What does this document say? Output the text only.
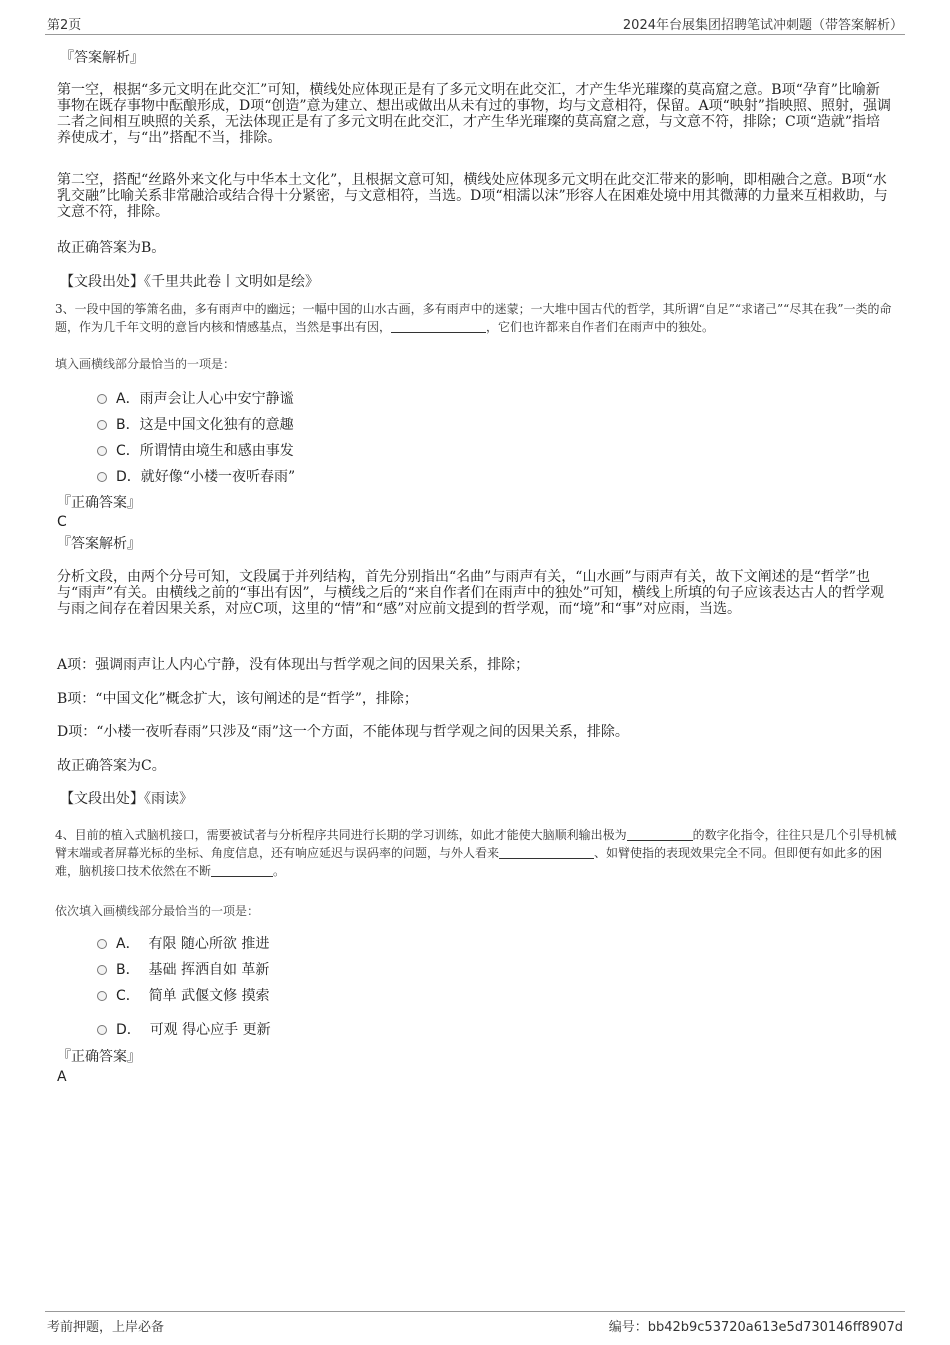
第2页	2024年台展集团招聘笔试冲刺题（带答案解析）
『答案解析』
第一空，根据“多元文明在此交汇”可知，横线处应体现正是有了多元文明在此交汇，才产生华光璀璨的莫高窟之意。B项“孕育”比喻新事物在既存事物中酝酿形成，D项“创造”意为建立、想出或做出从未有过的事物，均与文意相符，保留。A项“映射”指映照、照射，强调二者之间相互映照的关系，无法体现正是有了多元文明在此交汇，才产生华光璀璨的莫高窟之意，与文意不符，排除；C项“造就”指培养使成才，与“出”搭配不当，排除。
第二空，搭配“丝路外来文化与中华本土文化”，且根据文意可知，横线处应体现多元文明在此交汇带来的影响，即相融合之意。B项“水乳交融”比喻关系非常融洽或结合得十分紧密，与文意相符，当选。D项“相濡以沫”形容人在困难处境中用其微薄的力量来互相救助，与文意不符，排除。
故正确答案为B。
【文段出处】《千里共此卷丨文明如是绘》
3、一段中国的筝箫名曲，多有雨声中的幽远；一幅中国的山水古画，多有雨声中的迷蒙；一大堆中国古代的哲学，其所谓“自足”“求诸己”“尽其在我”一类的命题，作为几千年文明的意旨内核和情感基点，当然是事出有因，	，它们也许都来自作者们在雨声中的独处。
填入画横线部分最恰当的一项是：
A．雨声会让人心中安宁静谧
B．这是中国文化独有的意趣
C．所谓情由境生和感由事发
D．就好像“小楼一夜听春雨”
『正确答案』
C
『答案解析』
分析文段，由两个分号可知，文段属于并列结构，首先分别指出“名曲”与雨声有关，“山水画”与雨声有关，故下文阐述的是“哲学”也与“雨声”有关。由横线之前的“事出有因”，与横线之后的“来自作者们在雨声中的独处”可知，横线上所填的句子应该表达古人的哲学观与雨之间存在着因果关系，对应C项，这里的“情”和“感”对应前文提到的哲学观，而“境”和“事”对应雨，当选。
A项：强调雨声让人内心宁静，没有体现出与哲学观之间的因果关系，排除；
B项：“中国文化”概念扩大，该句阐述的是“哲学”，排除；
D项：“小楼一夜听春雨”只涉及“雨”这一个方面，不能体现与哲学观之间的因果关系，排除。
故正确答案为C。
【文段出处】《雨读》
4、目前的植入式脑机接口，需要被试者与分析程序共同进行长期的学习训练，如此才能使大脑顺利输出极为	的数字化指令，往往只是几个引导机械臂末端或者屏幕光标的坐标、角度信息，还有响应延迟与误码率的问题，与外人看来	、如臂使指的表现效果完全不同。但即便有如此多的困难，脑机接口技术依然在不断	。
依次填入画横线部分最恰当的一项是：
A． 有限 随心所欲 推进
B． 基础 挥洒自如 革新
C． 简单 武偃文修 摸索
D． 可观 得心应手 更新
『正确答案』
A
考前押题，上岸必备	编号：bb42b9c53720a613e5d730146ff8907d
